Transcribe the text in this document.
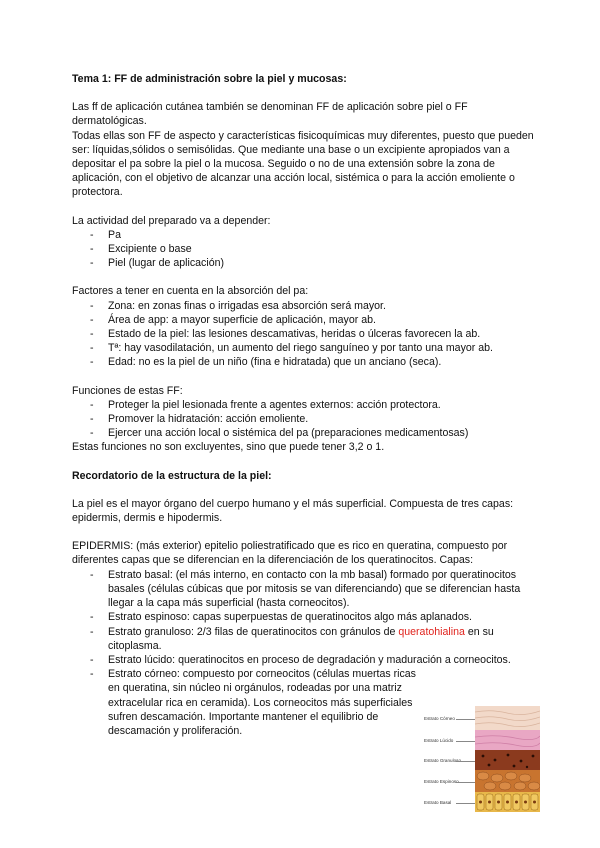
Tema 1: FF de administración sobre la piel y mucosas:

Las ff de aplicación cutánea también se denominan FF de aplicación sobre piel o FF dermatológicas.

Todas ellas son FF de aspecto y características fisicoquímicas muy diferentes, puesto que pueden ser: líquidas,sólidos o semisólidas. Que mediante una base o un excipiente apropiados van a depositar el pa sobre la piel o la mucosa. Seguido o no de una extensión sobre la zona de aplicación, con el objetivo de alcanzar una acción local, sistémica o para la acción emoliente o protectora.

La actividad del preparado va a depender:

- Pa
- Excipiente o base
- Piel (lugar de aplicación)

Factores a tener en cuenta en la absorción del pa:

- Zona: en zonas finas o irrigadas esa absorción será mayor.
- Área de app: a mayor superficie de aplicación, mayor ab.
- Estado de la piel: las lesiones descamativas, heridas o úlceras favorecen la ab.
- Tª: hay vasodilatación, un aumento del riego sanguíneo y por tanto una mayor ab.
- Edad: no es la piel de un niño (fina e hidratada) que un anciano (seca).

Funciones de estas FF:

- Proteger la piel lesionada frente a agentes externos: acción protectora.
- Promover la hidratación: acción emoliente.
- Ejercer una acción local o sistémica del pa (preparaciones medicamentosas)

Estas funciones no son excluyentes, sino que puede tener 3,2 o 1.

Recordatorio de la estructura de la piel:

La piel es el mayor órgano del cuerpo humano y el más superficial. Compuesta de tres capas: epidermis, dermis e hipodermis.

EPIDERMIS: (más exterior) epitelio poliestratificado que es rico en queratina, compuesto por diferentes capas que se diferencian en la diferenciación de los queratinocitos. Capas:

- Estrato basal: (el más interno, en contacto con la mb basal) formado por queratinocitos basales (células cúbicas que por mitosis se van diferenciando) que se diferencian hasta llegar a la capa más superficial (hasta corneocitos).
- Estrato espinoso: capas superpuestas de queratinocitos algo más aplanados.
- Estrato granuloso: 2/3 filas de queratinocitos con gránulos de queratohialina en su citoplasma.
- Estrato lúcido: queratinocitos en proceso de degradación y maduración a corneocitos.
- Estrato córneo: compuesto por corneocitos (células muertas ricas en queratina, sin núcleo ni orgánulos, rodeadas por una matriz extracelular rica en ceramida). Los corneocitos más superficiales sufren descamación. Importante mantener el equilibrio de descamación y proliferación.
Estrato Córneo
Estrato Lúcido
Estrato Granuloso
Estrato Espinoso
Estrato Basal
